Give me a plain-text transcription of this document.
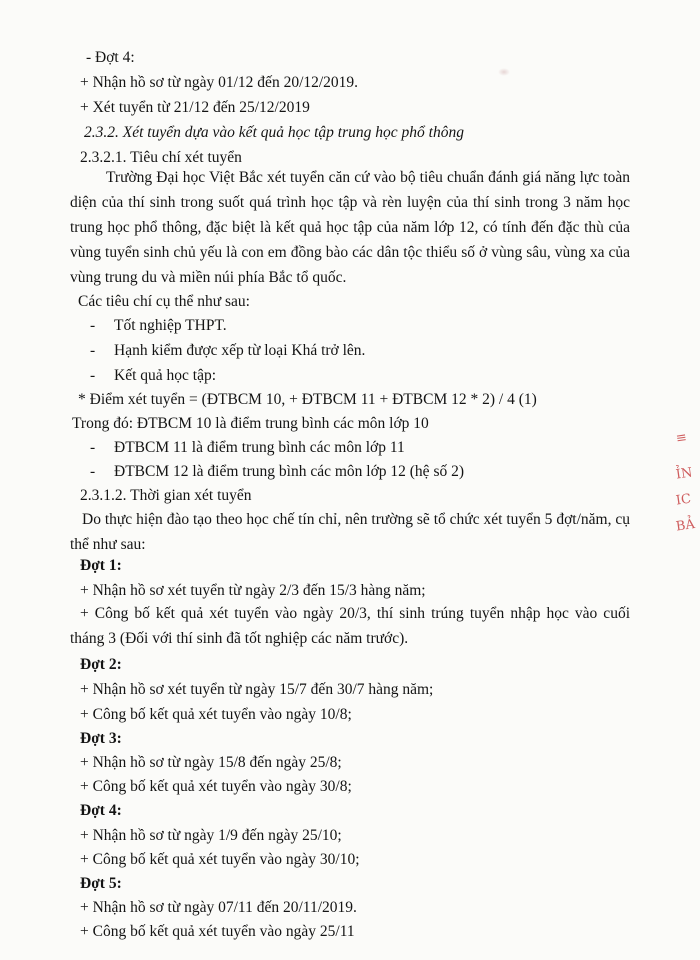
- Đợt 4:
+ Nhận hồ sơ từ ngày 01/12 đến 20/12/2019.
+ Xét tuyển từ 21/12 đến 25/12/2019
2.3.2. Xét tuyển dựa vào kết quả học tập trung học phổ thông
2.3.2.1. Tiêu chí xét tuyển
Trường Đại học Việt Bắc xét tuyển căn cứ vào bộ tiêu chuẩn đánh giá năng lực toàn diện của thí sinh trong suốt quá trình học tập và rèn luyện của thí sinh trong 3 năm học trung học phổ thông, đặc biệt là kết quả học tập của năm lớp 12, có tính đến đặc thù của vùng tuyển sinh chủ yếu là con em đồng bào các dân tộc thiểu số ở vùng sâu, vùng xa của vùng trung du và miền núi phía Bắc tổ quốc.
Các tiêu chí cụ thể như sau:
- Tốt nghiệp THPT.
- Hạnh kiểm được xếp từ loại Khá trở lên.
- Kết quả học tập:
* Điểm xét tuyển = (ĐTBCM 10, + ĐTBCM 11 + ĐTBCM 12 * 2) / 4 (1)
Trong đó: ĐTBCM 10 là điểm trung bình các môn lớp 10
- ĐTBCM 11 là điểm trung bình các môn lớp 11
- ĐTBCM 12 là điểm trung bình các môn lớp 12 (hệ số 2)
2.3.1.2. Thời gian xét tuyển
Do thực hiện đào tạo theo học chế tín chỉ, nên trường sẽ tổ chức xét tuyển 5 đợt/năm, cụ thể như sau:
Đợt 1:
+ Nhận hồ sơ xét tuyển từ ngày 2/3 đến 15/3 hàng năm;
+ Công bố kết quả xét tuyển vào ngày 20/3, thí sinh trúng tuyển nhập học vào cuối tháng 3 (Đối với thí sinh đã tốt nghiệp các năm trước).
Đợt 2:
+ Nhận hồ sơ xét tuyển từ ngày 15/7 đến 30/7 hàng năm;
+ Công bố kết quả xét tuyển vào ngày 10/8;
Đợt 3:
+ Nhận hồ sơ từ ngày 15/8 đến ngày 25/8;
+ Công bố kết quả xét tuyển vào ngày 30/8;
Đợt 4:
+ Nhận hồ sơ từ ngày 1/9 đến ngày 25/10;
+ Công bố kết quả xét tuyển vào ngày 30/10;
Đợt 5:
+ Nhận hồ sơ từ ngày 07/11 đến 20/11/2019.
+ Công bố kết quả xét tuyển vào ngày 25/11
≡
ỈN
IC
BẢ
